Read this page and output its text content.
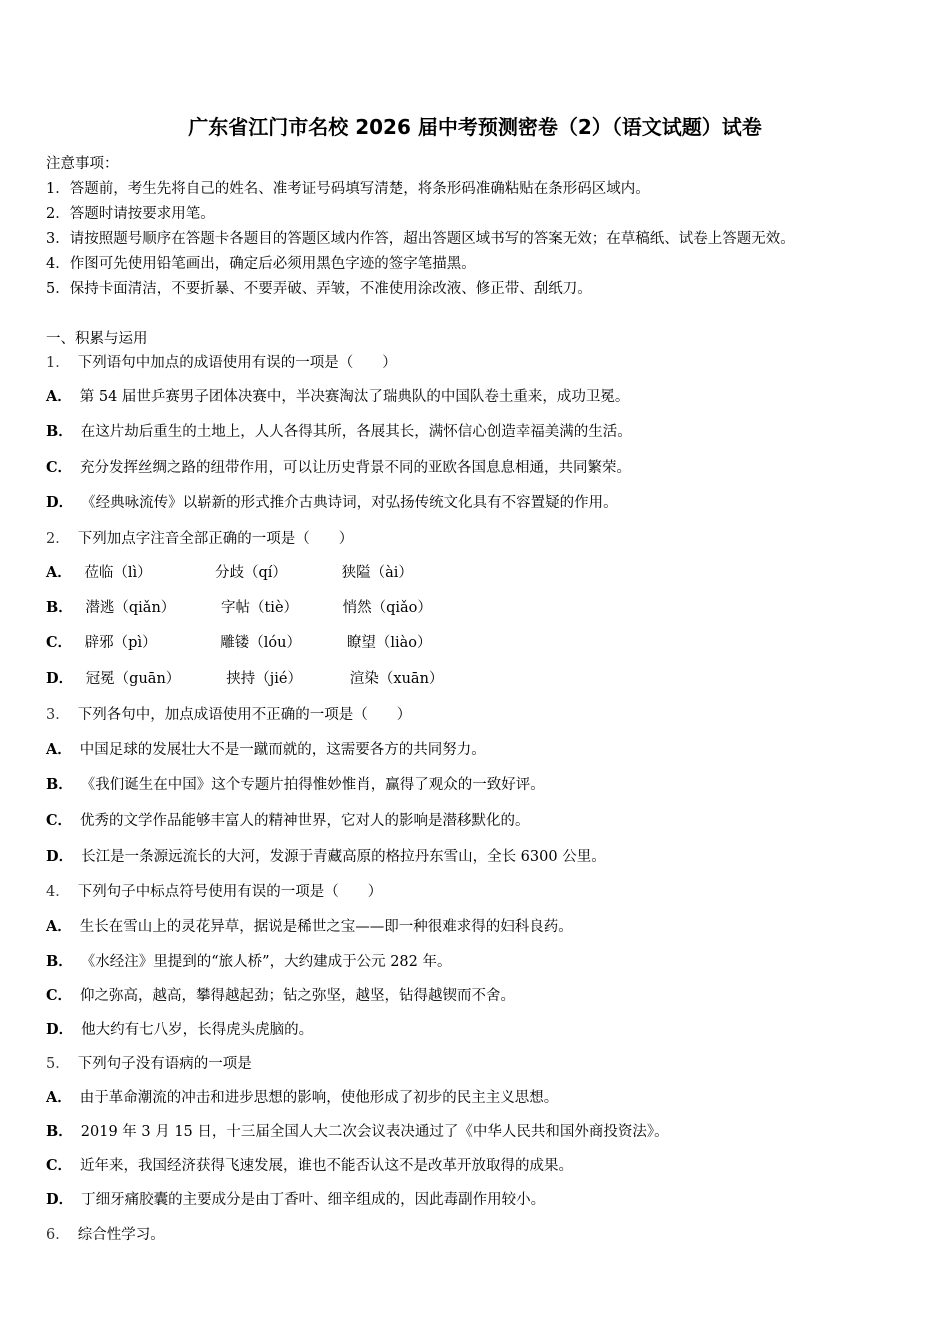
广东省江门市名校 2026 届中考预测密卷（2）（语文试题）试卷
注意事项：
1．答题前，考生先将自己的姓名、准考证号码填写清楚，将条形码准确粘贴在条形码区域内。
2．答题时请按要求用笔。
3．请按照题号顺序在答题卡各题目的答题区域内作答，超出答题区域书写的答案无效；在草稿纸、试卷上答题无效。
4．作图可先使用铅笔画出，确定后必须用黑色字迹的签字笔描黑。
5．保持卡面清洁，不要折暴、不要弄破、弄皱，不准使用涂改液、修正带、刮纸刀。
一、积累与运用
1． 下列语句中加点的成语使用有误的一项是（　　）
A． 第 54 届世乒赛男子团体决赛中，半决赛淘汰了瑞典队的中国队卷土重来，成功卫冕。
B． 在这片劫后重生的土地上，人人各得其所，各展其长，满怀信心创造幸福美满的生活。
C． 充分发挥丝绸之路的纽带作用，可以让历史背景不同的亚欧各国息息相通，共同繁荣。
D． 《经典咏流传》以崭新的形式推介古典诗词，对弘扬传统文化具有不容置疑的作用。
2． 下列加点字注音全部正确的一项是（　　）
A． 莅临（lì）	分歧（qí）	狭隘（ài）
B． 潜逃（qiǎn）	字帖（tiè）	悄然（qiǎo）
C． 辟邪（pì）	雕镂（lóu）	瞭望（liào）
D． 冠冕（guān）	挟持（jié）	渲染（xuān）
3． 下列各句中，加点成语使用不正确的一项是（　　）
A． 中国足球的发展壮大不是一蹴而就的，这需要各方的共同努力。
B． 《我们诞生在中国》这个专题片拍得惟妙惟肖，赢得了观众的一致好评。
C． 优秀的文学作品能够丰富人的精神世界，它对人的影响是潜移默化的。
D． 长江是一条源远流长的大河，发源于青藏高原的格拉丹东雪山，全长 6300 公里。
4． 下列句子中标点符号使用有误的一项是（　　）
A． 生长在雪山上的灵花异草，据说是稀世之宝——即一种很难求得的妇科良药。
B． 《水经注》里提到的“旅人桥”，大约建成于公元 282 年。
C． 仰之弥高，越高，攀得越起劲；钻之弥坚，越坚，钻得越锲而不舍。
D． 他大约有七八岁，长得虎头虎脑的。
5． 下列句子没有语病的一项是
A． 由于革命潮流的冲击和进步思想的影响，使他形成了初步的民主主义思想。
B． 2019 年 3 月 15 日，十三届全国人大二次会议表决通过了《中华人民共和国外商投资法》。
C． 近年来，我国经济获得飞速发展，谁也不能否认这不是改革开放取得的成果。
D． 丁细牙痛胶囊的主要成分是由丁香叶、细辛组成的，因此毒副作用较小。
6． 综合性学习。
